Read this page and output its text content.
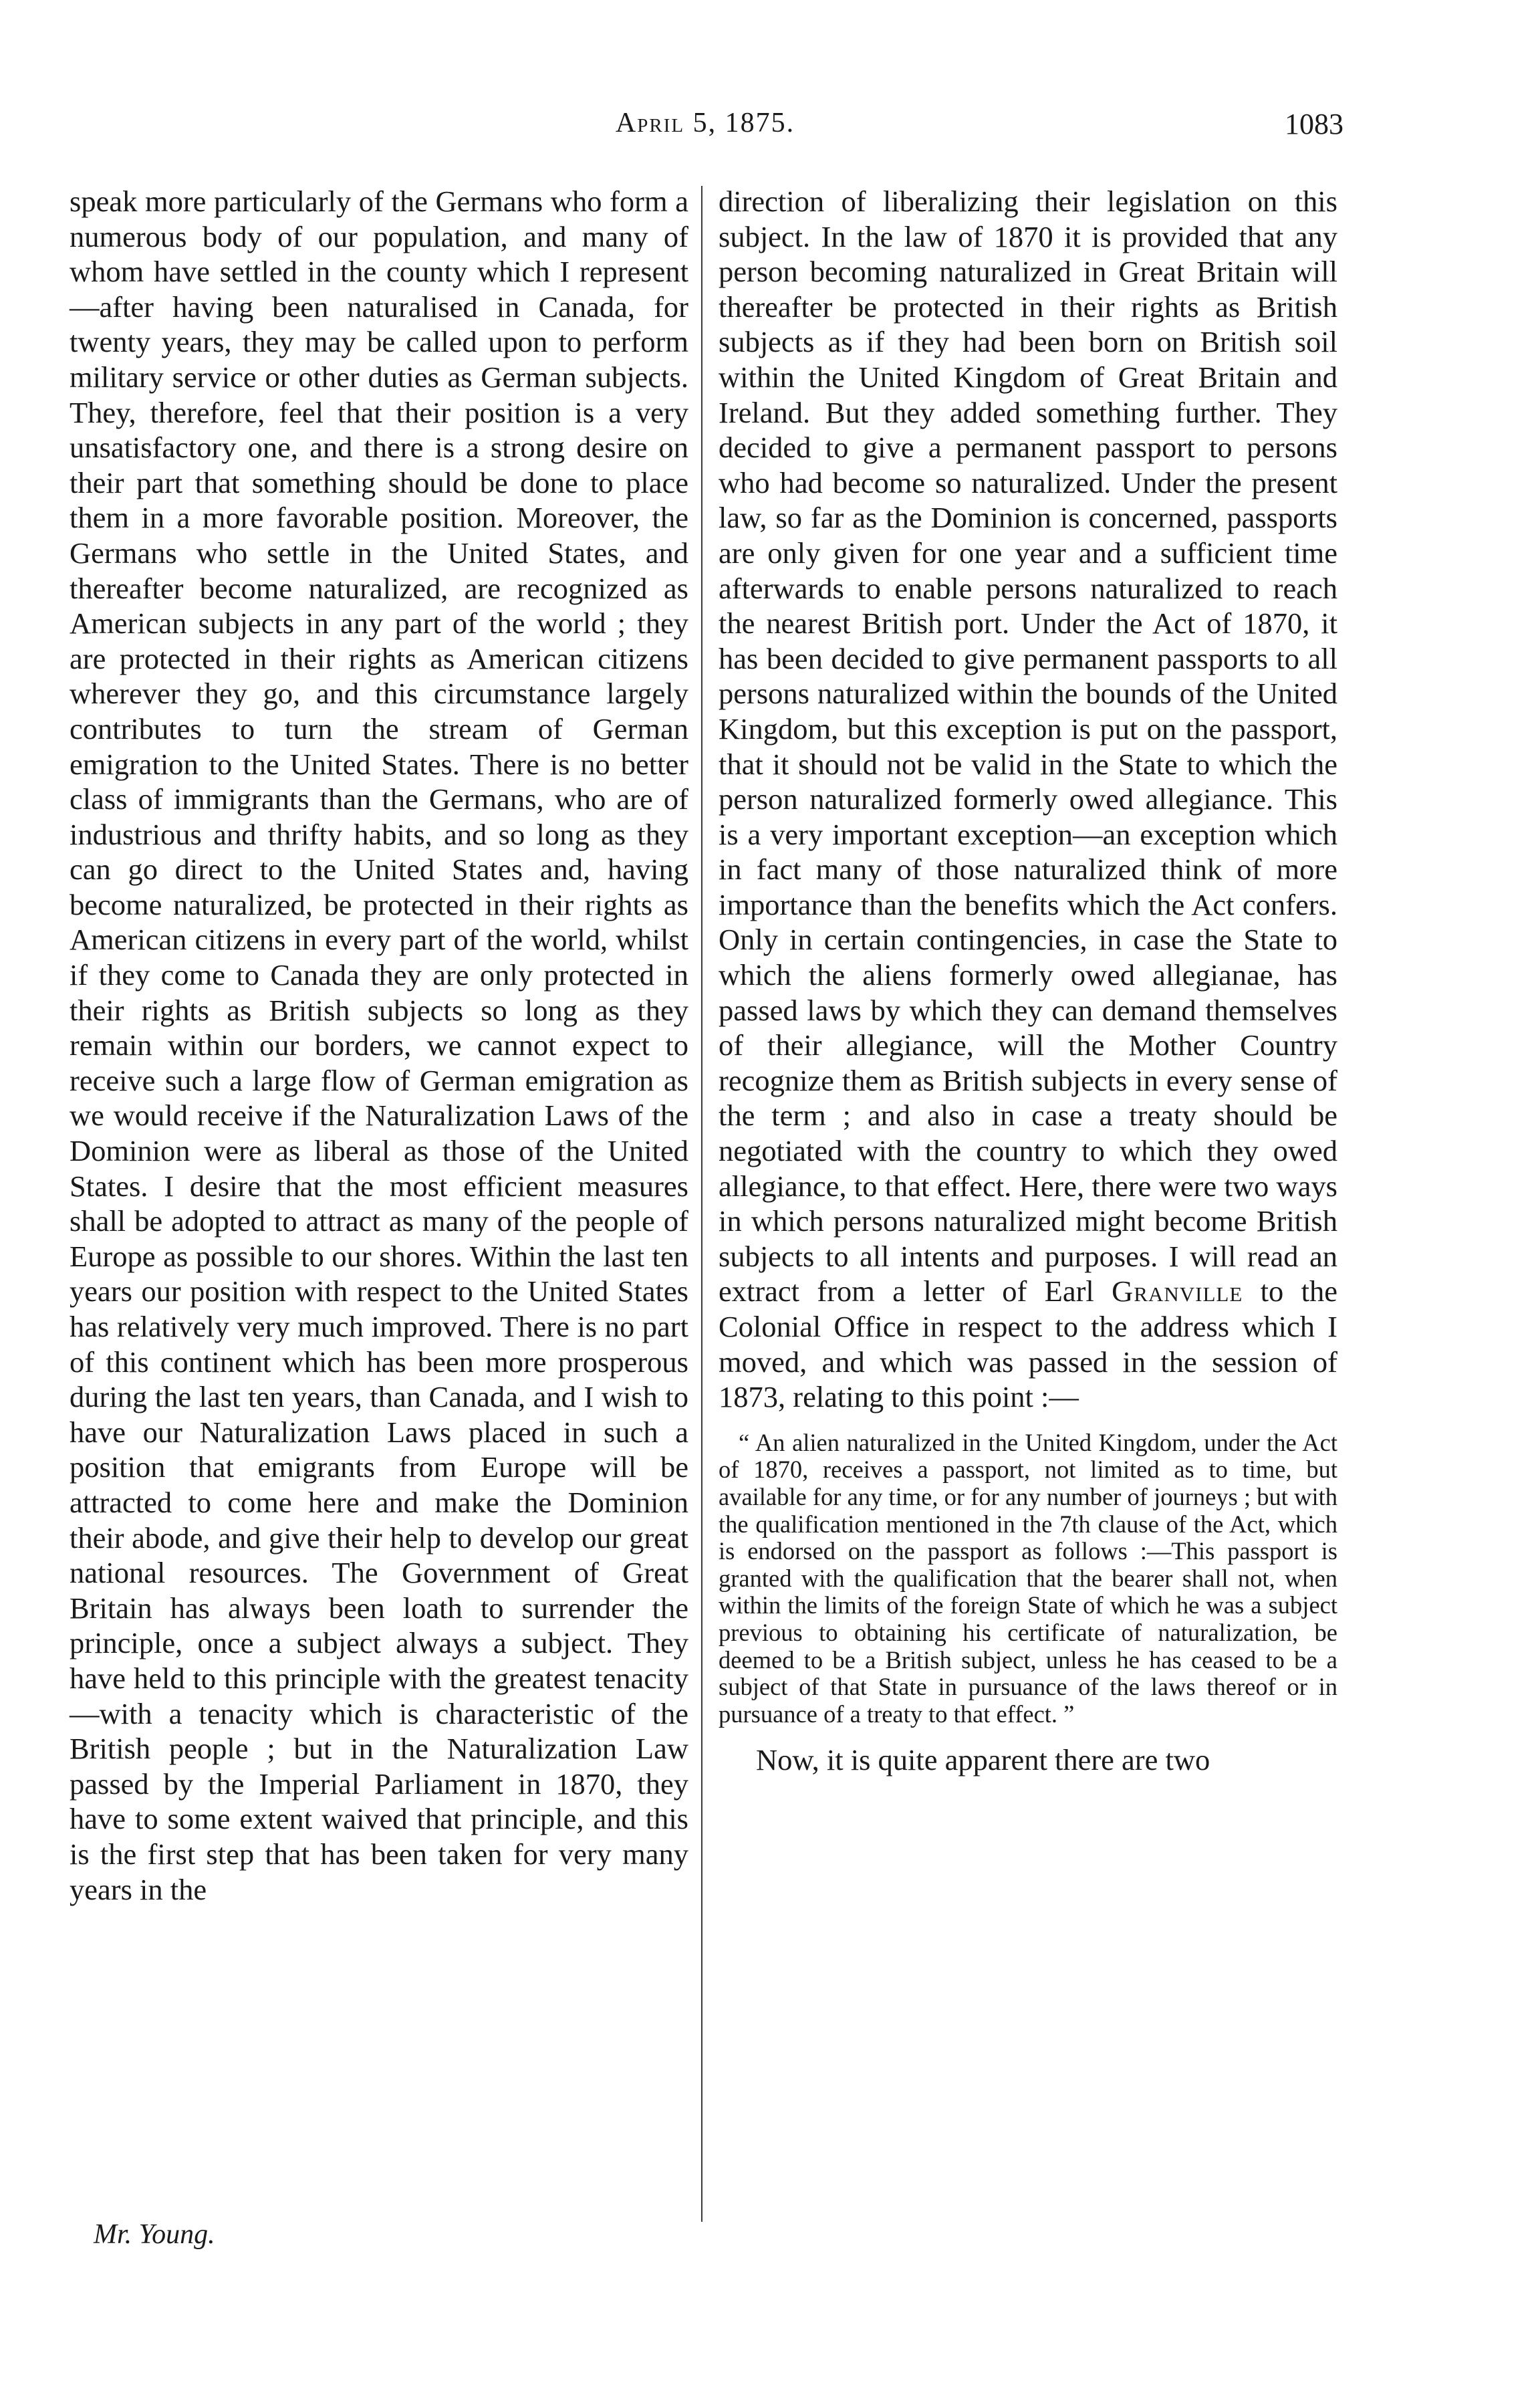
April 5, 1875.	1083

speak more particularly of the Germans who form a numerous body of our population, and many of whom have settled in the county which I represent—after having been naturalised in Canada, for twenty years, they may be called upon to perform military service or other duties as German subjects. They, therefore, feel that their position is a very unsatisfactory one, and there is a strong desire on their part that something should be done to place them in a more favorable position. Moreover, the Germans who settle in the United States, and thereafter become naturalized, are recognized as American subjects in any part of the world ; they are protected in their rights as American citizens wherever they go, and this circumstance largely contributes to turn the stream of German emigration to the United States. There is no better class of immigrants than the Germans, who are of industrious and thrifty habits, and so long as they can go direct to the United States and, having become naturalized, be protected in their rights as American citizens in every part of the world, whilst if they come to Canada they are only protected in their rights as British subjects so long as they remain within our borders, we cannot expect to receive such a large flow of German emigration as we would receive if the Naturalization Laws of the Dominion were as liberal as those of the United States. I desire that the most efficient measures shall be adopted to attract as many of the people of Europe as possible to our shores. Within the last ten years our position with respect to the United States has relatively very much improved. There is no part of this continent which has been more prosperous during the last ten years, than Canada, and I wish to have our Naturalization Laws placed in such a position that emigrants from Europe will be attracted to come here and make the Dominion their abode, and give their help to develop our great national resources. The Government of Great Britain has always been loath to surrender the principle, once a subject always a subject. They have held to this principle with the greatest tenacity—with a tenacity which is characteristic of the British people ; but in the Naturalization Law passed by the Imperial Parliament in 1870, they have to some extent waived that principle, and this is the first step that has been taken for very many years in the

direction of liberalizing their legislation on this subject. In the law of 1870 it is provided that any person becoming naturalized in Great Britain will thereafter be protected in their rights as British subjects as if they had been born on British soil within the United Kingdom of Great Britain and Ireland. But they added something further. They decided to give a permanent passport to persons who had become so naturalized. Under the present law, so far as the Dominion is concerned, passports are only given for one year and a sufficient time afterwards to enable persons naturalized to reach the nearest British port. Under the Act of 1870, it has been decided to give permanent passports to all persons naturalized within the bounds of the United Kingdom, but this exception is put on the passport, that it should not be valid in the State to which the person naturalized formerly owed allegiance. This is a very important exception—an exception which in fact many of those naturalized think of more importance than the benefits which the Act confers. Only in certain contingencies, in case the State to which the aliens formerly owed allegianae, has passed laws by which they can demand themselves of their allegiance, will the Mother Country recognize them as British subjects in every sense of the term ; and also in case a treaty should be negotiated with the country to which they owed allegiance, to that effect. Here, there were two ways in which persons naturalized might become British subjects to all intents and purposes. I will read an extract from a letter of Earl Granville to the Colonial Office in respect to the address which I moved, and which was passed in the session of 1873, relating to this point :—

“ An alien naturalized in the United Kingdom, under the Act of 1870, receives a passport, not limited as to time, but available for any time, or for any number of journeys ; but with the qualification mentioned in the 7th clause of the Act, which is endorsed on the passport as follows :—This passport is granted with the qualification that the bearer shall not, when within the limits of the foreign State of which he was a subject previous to obtaining his certificate of naturalization, be deemed to be a British subject, unless he has ceased to be a subject of that State in pursuance of the laws thereof or in pursuance of a treaty to that effect. ”

Now, it is quite apparent there are two

Mr. Young.
